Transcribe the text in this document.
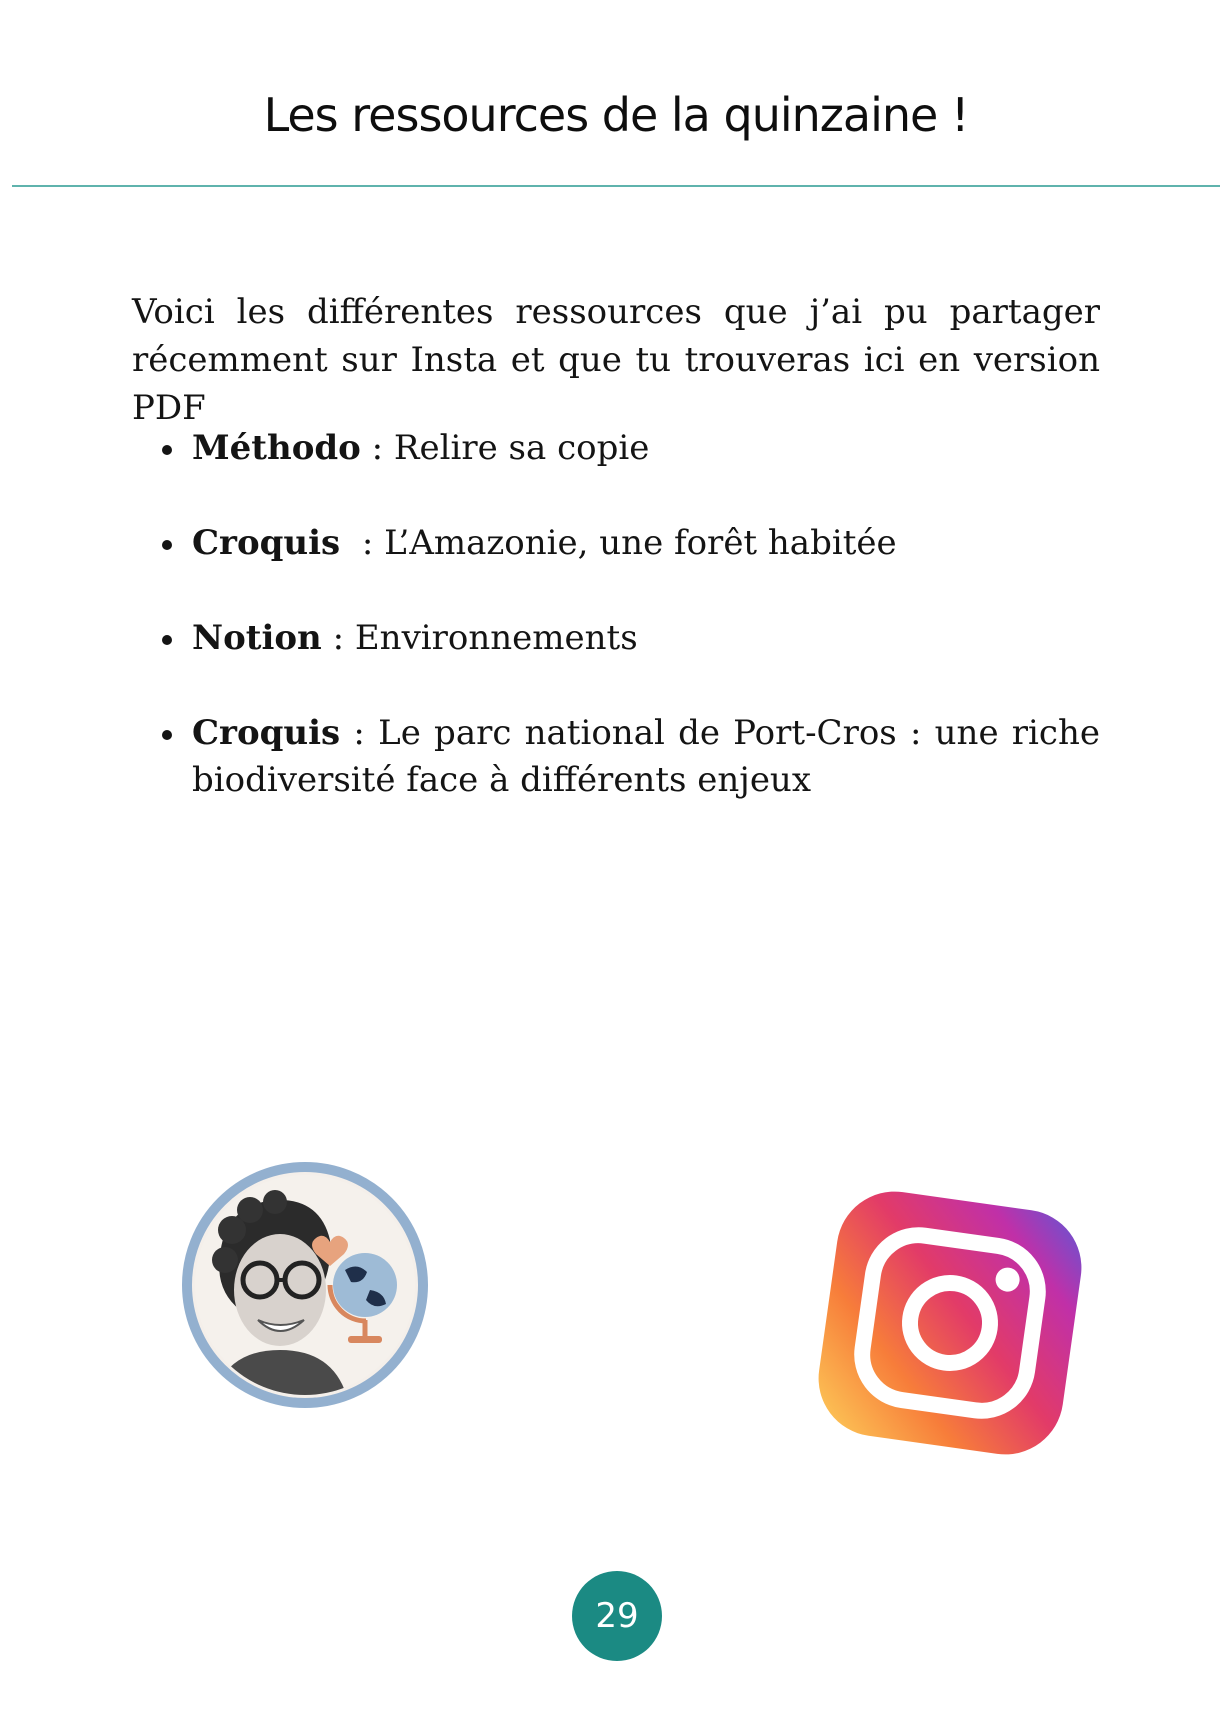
Les ressources de la quinzaine !

Voici les différentes ressources que j’ai pu partager récemment sur Insta et que tu trouveras ici en version PDF

Méthodo : Relire sa copie
Croquis  : L’Amazonie, une forêt habitée
Notion : Environnements
Croquis : Le parc national de Port-Cros : une riche biodiversité face à différents enjeux
29
